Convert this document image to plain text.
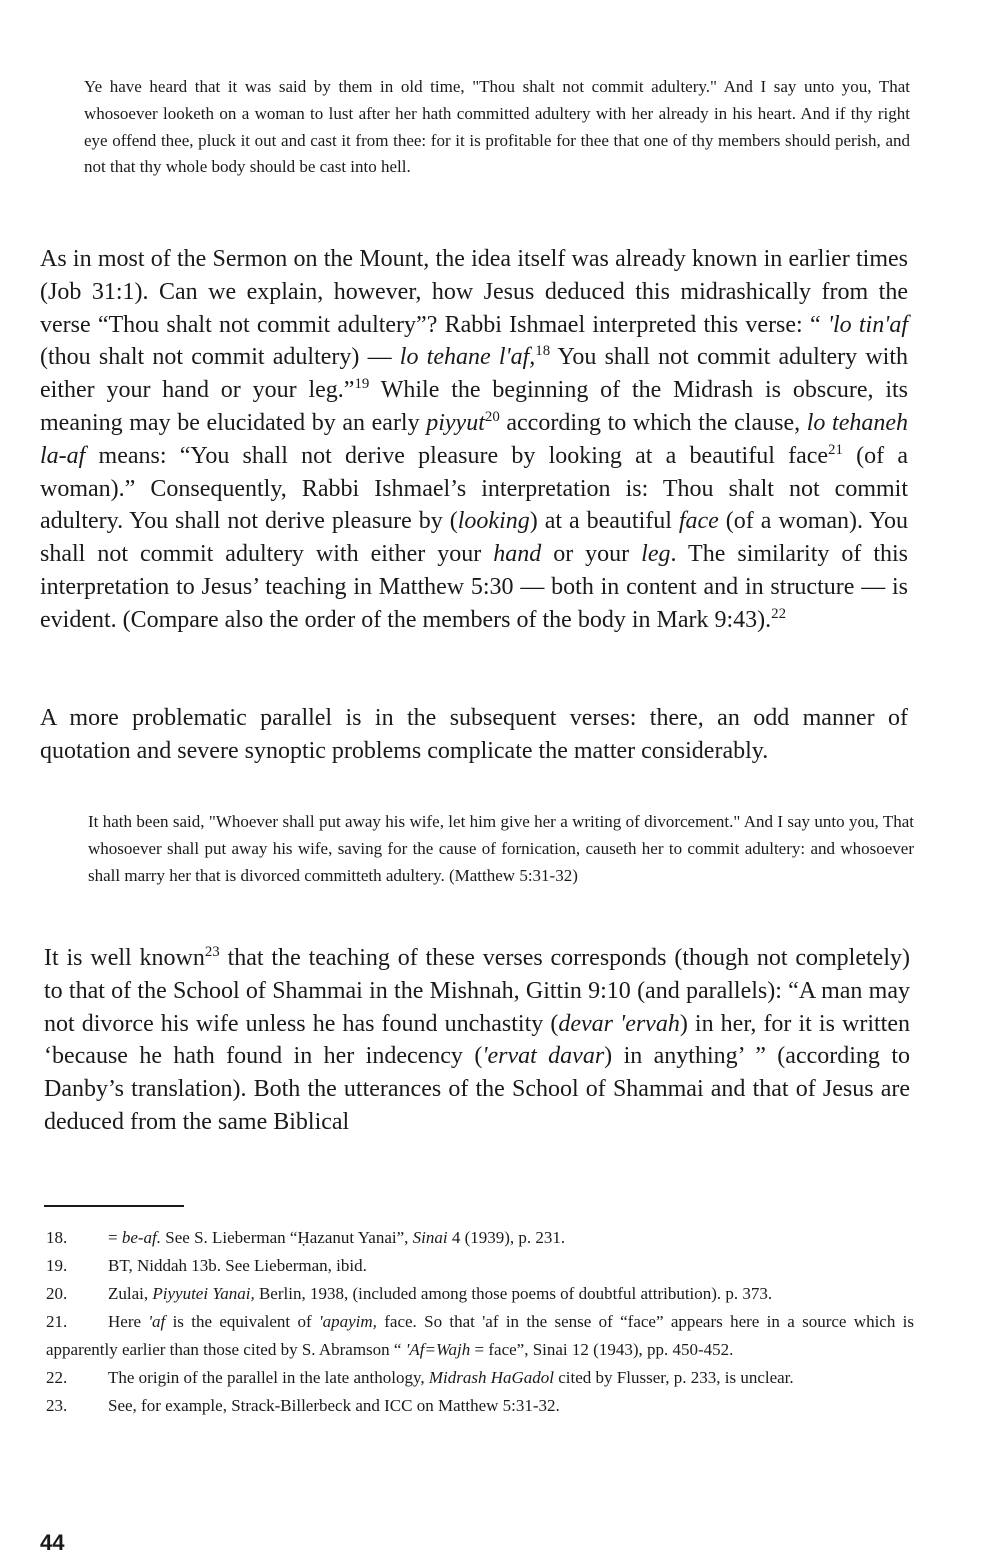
Ye have heard that it was said by them in old time, "Thou shalt not commit adultery." And I say unto you, That whosoever looketh on a woman to lust after her hath committed adultery with her already in his heart. And if thy right eye offend thee, pluck it out and cast it from thee: for it is profitable for thee that one of thy members should perish, and not that thy whole body should be cast into hell.
As in most of the Sermon on the Mount, the idea itself was already known in earlier times (Job 31:1). Can we explain, however, how Jesus deduced this midrashically from the verse “Thou shalt not commit adultery”? Rabbi Ishmael interpreted this verse: “ 'lo tin'af (thou shalt not commit adultery) — lo tehane l'af,$^{18}$ You shall not commit adultery with either your hand or your leg.”$^{19}$ While the beginning of the Midrash is obscure, its meaning may be elucidated by an early piyyut$^{20}$ according to which the clause, lo tehaneh la-af means: “You shall not derive pleasure by looking at a beautiful face$^{21}$ (of a woman).” Consequently, Rabbi Ishmael’s interpretation is: Thou shalt not commit adultery. You shall not derive pleasure by (looking) at a beautiful face (of a woman). You shall not commit adultery with either your hand or your leg. The similarity of this interpretation to Jesus’ teaching in Matthew 5:30 — both in content and in structure — is evident. (Compare also the order of the members of the body in Mark 9:43).$^{22}$
A more problematic parallel is in the subsequent verses: there, an odd manner of quotation and severe synoptic problems complicate the matter considerably.
It hath been said, "Whoever shall put away his wife, let him give her a writing of divorcement." And I say unto you, That whosoever shall put away his wife, saving for the cause of fornication, causeth her to commit adultery: and whosoever shall marry her that is divorced committeth adultery. (Matthew 5:31-32)
It is well known$^{23}$ that the teaching of these verses corresponds (though not completely) to that of the School of Shammai in the Mishnah, Gittin 9:10 (and parallels): “A man may not divorce his wife unless he has found unchastity (devar 'ervah) in her, for it is written ‘because he hath found in her indecency ('ervat davar) in anything’ ” (according to Danby’s translation). Both the utterances of the School of Shammai and that of Jesus are deduced from the same Biblical
18. = be-af. See S. Lieberman “Ḥazanut Yanai”, Sinai 4 (1939), p. 231.
19. BT, Niddah 13b. See Lieberman, ibid.
20. Zulai, Piyyutei Yanai, Berlin, 1938, (included among those poems of doubtful attribution). p. 373.
21. Here 'af is the equivalent of 'apayim, face. So that 'af in the sense of “face” appears here in a source which is apparently earlier than those cited by S. Abramson “ 'Af=Wajh = face”, Sinai 12 (1943), pp. 450-452.
22. The origin of the parallel in the late anthology, Midrash HaGadol cited by Flusser, p. 233, is unclear.
23. See, for example, Strack-Billerbeck and ICC on Matthew 5:31-32.
44
